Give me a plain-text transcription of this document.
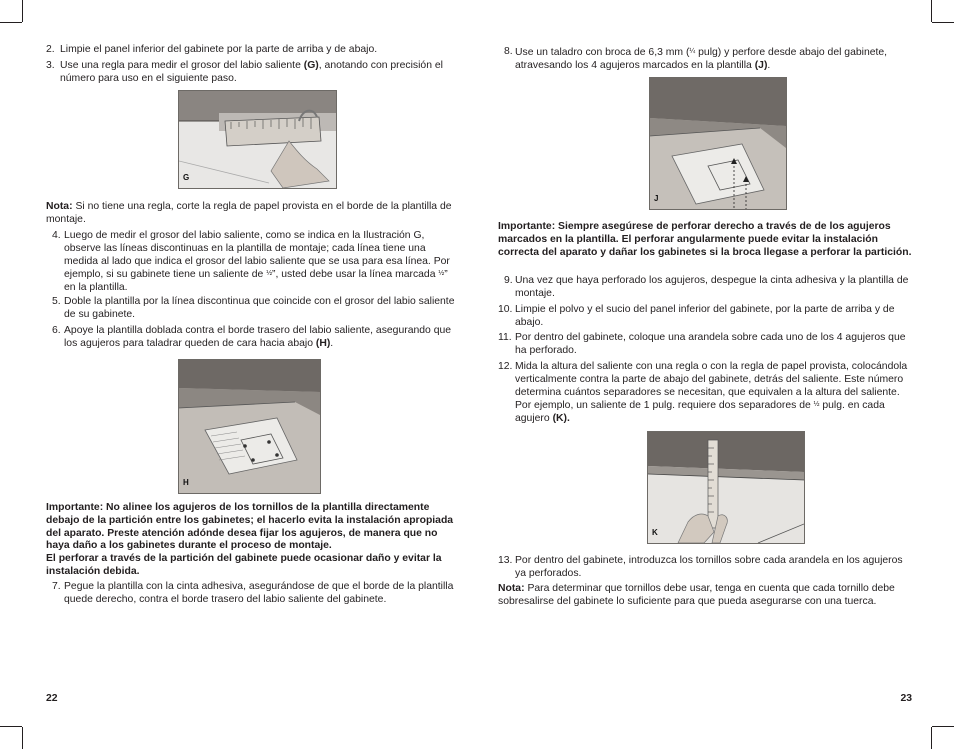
2. Limpie el panel inferior del gabinete por la parte de arriba y de abajo.

3. Use una regla para medir el grosor del labio saliente (G), anotando con precisión el número para uso en el siguiente paso.

G

Nota: Si no tiene una regla, corte la regla de papel provista en el borde de la plantilla de montaje.

4. Luego de medir el grosor del labio saliente, como se indica en la Ilustración G, observe las líneas discontinuas en la plantilla de montaje; cada línea tiene una medida al lado que indica el grosor del labio saliente que se usa para esa línea. Por ejemplo, si su gabinete tiene un saliente de ½”, usted debe usar la línea marcada ½” en la plantilla.

5. Doble la plantilla por la línea discontinua que coincide con el grosor del labio saliente de su gabinete.

6. Apoye la plantilla doblada contra el borde trasero del labio saliente, asegurando que los agujeros para taladrar queden de cara hacia abajo (H).

H

Importante: No alinee los agujeros de los tornillos de la plantilla directamente debajo de la partición entre los gabinetes; el hacerlo evita la instalación apropiada del aparato. Preste atención adónde desea fijar los agujeros, de manera que no haya daño a los gabinetes durante el proceso de montaje.

El perforar a través de la partición del gabinete puede ocasionar daño y evitar la instalación debida.

7. Pegue la plantilla con la cinta adhesiva, asegurándose de que el borde de la plantilla quede derecho, contra el borde trasero del labio saliente del gabinete.

22
8. Use un taladro con broca de 6,3 mm (¼ pulg) y perfore desde abajo del gabinete, atravesando los 4 agujeros marcados en la plantilla (J).

J

Importante: Siempre asegúrese de perforar derecho a través de de los agujeros marcados en la plantilla. El perforar angularmente puede evitar la instalación correcta del aparato y dañar los gabinetes si la broca llegase a perforar la partición.

9. Una vez que haya perforado los agujeros, despegue la cinta adhesiva y la plantilla de montaje.

10. Limpie el polvo y el sucio del panel inferior del gabinete, por la parte de arriba y de abajo.

11. Por dentro del gabinete, coloque una arandela sobre cada uno de los 4 agujeros que ha perforado.

12. Mida la altura del saliente con una regla o con la regla de papel provista, colocándola verticalmente contra la parte de abajo del gabinete, detrás del saliente. Este número determina cuántos separadores se necesitan, que equivalen a la altura del saliente. Por ejemplo, un saliente de 1 pulg. requiere dos separadores de ½ pulg. en cada agujero (K).

K
13. Por dentro del gabinete, introduzca los tornillos sobre cada arandela en los agujeros ya perforados.

Nota: Para determinar que tornillos debe usar, tenga en cuenta que cada tornillo debe sobresalirse del gabinete lo suficiente para que pueda asegurarse con una tuerca.

23
